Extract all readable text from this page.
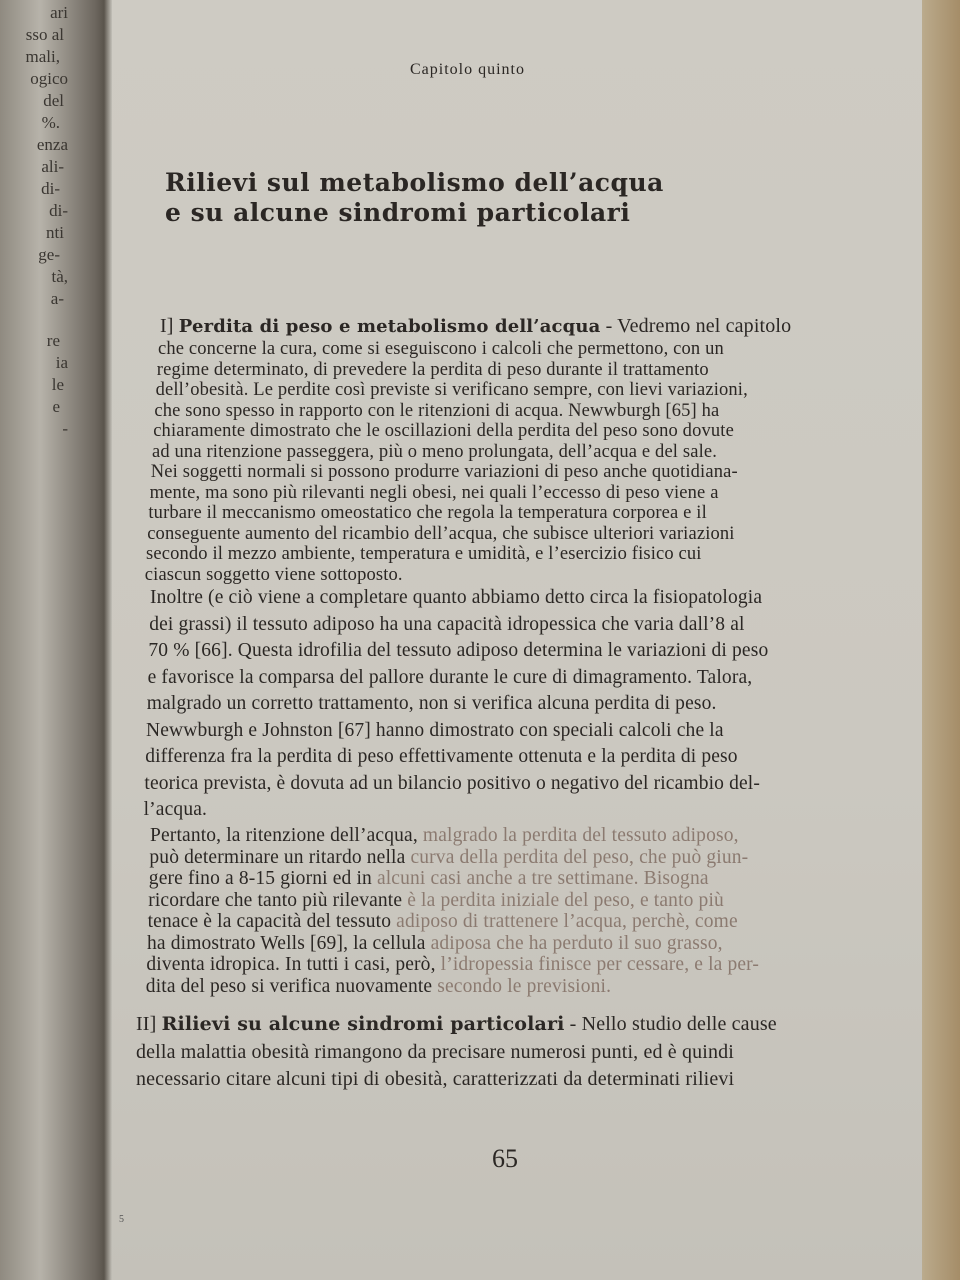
ari
sso al
mali,
ogico
del
%.
enza
ali-
di-
di-
nti
ge-
tà,
a-
re
ia
le
e
-
Capitolo quinto
Rilievi sul metabolismo dell’acqua
e su alcune sindromi particolari
I] Perdita di peso e metabolismo dell’acqua - Vedremo nel capitolo
che concerne la cura, come si eseguiscono i calcoli che permettono, con un
regime determinato, di prevedere la perdita di peso durante il trattamento
dell’obesità. Le perdite così previste si verificano sempre, con lievi variazioni,
che sono spesso in rapporto con le ritenzioni di acqua. Newwburgh [65] ha
chiaramente dimostrato che le oscillazioni della perdita del peso sono dovute
ad una ritenzione passeggera, più o meno prolungata, dell’acqua e del sale.
Nei soggetti normali si possono produrre variazioni di peso anche quotidiana-
mente, ma sono più rilevanti negli obesi, nei quali l’eccesso di peso viene a
turbare il meccanismo omeostatico che regola la temperatura corporea e il
conseguente aumento del ricambio dell’acqua, che subisce ulteriori variazioni
secondo il mezzo ambiente, temperatura e umidità, e l’esercizio fisico cui
ciascun soggetto viene sottoposto.
Inoltre (e ciò viene a completare quanto abbiamo detto circa la fisiopatologia
dei grassi) il tessuto adiposo ha una capacità idropessica che varia dall’8 al
70 % [66]. Questa idrofilia del tessuto adiposo determina le variazioni di peso
e favorisce la comparsa del pallore durante le cure di dimagramento. Talora,
malgrado un corretto trattamento, non si verifica alcuna perdita di peso.
Newwburgh e Johnston [67] hanno dimostrato con speciali calcoli che la
differenza fra la perdita di peso effettivamente ottenuta e la perdita di peso
teorica prevista, è dovuta ad un bilancio positivo o negativo del ricambio del-
l’acqua.
Pertanto, la ritenzione dell’acqua, malgrado la perdita del tessuto adiposo,
può determinare un ritardo nella curva della perdita del peso, che può giun-
gere fino a 8-15 giorni ed in alcuni casi anche a tre settimane. Bisogna
ricordare che tanto più rilevante è la perdita iniziale del peso, e tanto più
tenace è la capacità del tessuto adiposo di trattenere l’acqua, perchè, come
ha dimostrato Wells [69], la cellula adiposa che ha perduto il suo grasso,
diventa idropica. In tutti i casi, però, l’idropessia finisce per cessare, e la per-
dita del peso si verifica nuovamente secondo le previsioni.
II] Rilievi su alcune sindromi particolari - Nello studio delle cause
della malattia obesità rimangono da precisare numerosi punti, ed è quindi
necessario citare alcuni tipi di obesità, caratterizzati da determinati rilievi
65
5
